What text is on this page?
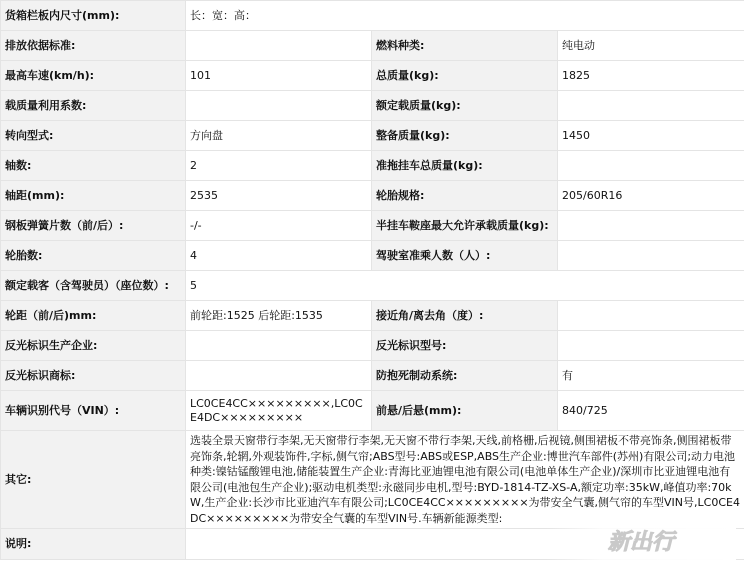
货箱栏板内尺寸(mm):	长：宽：高：		
排放依据标准:		燃料种类:	纯电动
最高车速(km/h):	101	总质量(kg):	1825
载质量利用系数:		额定载质量(kg):	
转向型式:	方向盘	整备质量(kg):	1450
轴数:	2	准拖挂车总质量(kg):	
轴距(mm):	2535	轮胎规格:	205/60R16
钢板弹簧片数（前/后）:	-/-	半挂车鞍座最大允许承载质量(kg):	
轮胎数:	4	驾驶室准乘人数（人）:	
额定载客（含驾驶员）（座位数）:	5		
轮距（前/后)mm:	前轮距:1525 后轮距:1535	接近角/离去角（度）:	
反光标识生产企业:		反光标识型号:	
反光标识商标:		防抱死制动系统:	有
车辆识别代号（VIN）:	LC0CE4CC×××××××××,LC0CE4DC×××××××××	前悬/后悬(mm):	840/725
其它:	选装全景天窗带行李架,无天窗带行李架,无天窗不带行李架,天线,前格栅,后视镜,侧围裙板不带亮饰条,侧围裙板带亮饰条,轮辋,外观装饰件,字标,侧气帘;ABS型号:ABS或ESP,ABS生产企业:博世汽车部件(苏州)有限公司;动力电池种类:镍钴锰酸锂电池,储能装置生产企业:青海比亚迪锂电池有限公司(电池单体生产企业)/深圳市比亚迪锂电池有限公司(电池包生产企业);驱动电机类型:永磁同步电机,型号:BYD-1814-TZ-XS-A,额定功率:35kW,峰值功率:70kW,生产企业:长沙市比亚迪汽车有限公司;LC0CE4CC×××××××××为带安全气囊,侧气帘的车型VIN号,LC0CE4DC×××××××××为带安全气囊的车型VIN号.车辆新能源类型:		
说明:				新出行
